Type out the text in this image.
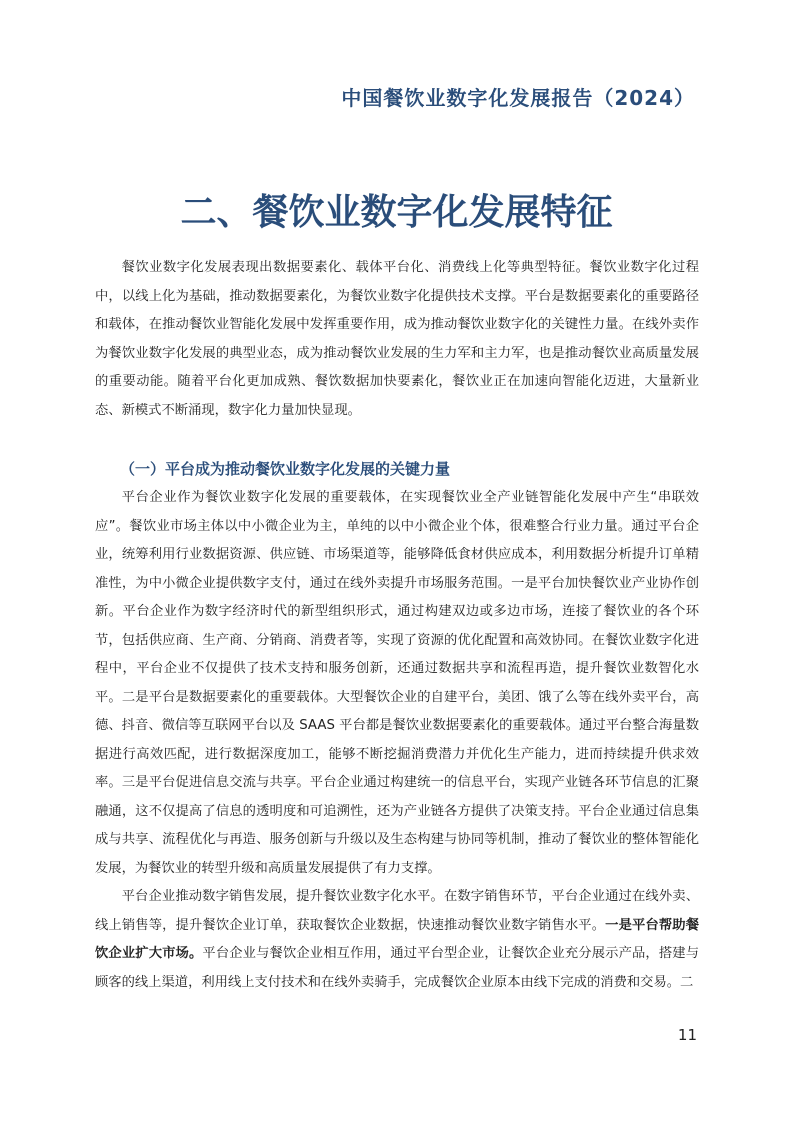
中国餐饮业数字化发展报告（2024）
二、餐饮业数字化发展特征

餐饮业数字化发展表现出数据要素化、载体平台化、消费线上化等典型特征。餐饮业数字化过程中，以线上化为基础，推动数据要素化，为餐饮业数字化提供技术支撑。平台是数据要素化的重要路径和载体，在推动餐饮业智能化发展中发挥重要作用，成为推动餐饮业数字化的关键性力量。在线外卖作为餐饮业数字化发展的典型业态，成为推动餐饮业发展的生力军和主力军，也是推动餐饮业高质量发展的重要动能。随着平台化更加成熟、餐饮数据加快要素化，餐饮业正在加速向智能化迈进，大量新业态、新模式不断涌现，数字化力量加快显现。

（一）平台成为推动餐饮业数字化发展的关键力量

平台企业作为餐饮业数字化发展的重要载体，在实现餐饮业全产业链智能化发展中产生“串联效应”。餐饮业市场主体以中小微企业为主，单纯的以中小微企业个体，很难整合行业力量。通过平台企业，统筹利用行业数据资源、供应链、市场渠道等，能够降低食材供应成本，利用数据分析提升订单精准性，为中小微企业提供数字支付，通过在线外卖提升市场服务范围。一是平台加快餐饮业产业协作创新。平台企业作为数字经济时代的新型组织形式，通过构建双边或多边市场，连接了餐饮业的各个环节，包括供应商、生产商、分销商、消费者等，实现了资源的优化配置和高效协同。在餐饮业数字化进程中，平台企业不仅提供了技术支持和服务创新，还通过数据共享和流程再造，提升餐饮业数智化水平。二是平台是数据要素化的重要载体。大型餐饮企业的自建平台，美团、饿了么等在线外卖平台，高德、抖音、微信等互联网平台以及 SAAS 平台都是餐饮业数据要素化的重要载体。通过平台整合海量数据进行高效匹配，进行数据深度加工，能够不断挖掘消费潜力并优化生产能力，进而持续提升供求效率。三是平台促进信息交流与共享。平台企业通过构建统一的信息平台，实现产业链各环节信息的汇聚融通，这不仅提高了信息的透明度和可追溯性，还为产业链各方提供了决策支持。平台企业通过信息集成与共享、流程优化与再造、服务创新与升级以及生态构建与协同等机制，推动了餐饮业的整体智能化发展，为餐饮业的转型升级和高质量发展提供了有力支撑。

平台企业推动数字销售发展，提升餐饮业数字化水平。在数字销售环节，平台企业通过在线外卖、线上销售等，提升餐饮企业订单，获取餐饮企业数据，快速推动餐饮业数字销售水平。一是平台帮助餐饮企业扩大市场。平台企业与餐饮企业相互作用，通过平台型企业，让餐饮企业充分展示产品，搭建与顾客的线上渠道，利用线上支付技术和在线外卖骑手，完成餐饮企业原本由线下完成的消费和交易。二

11
